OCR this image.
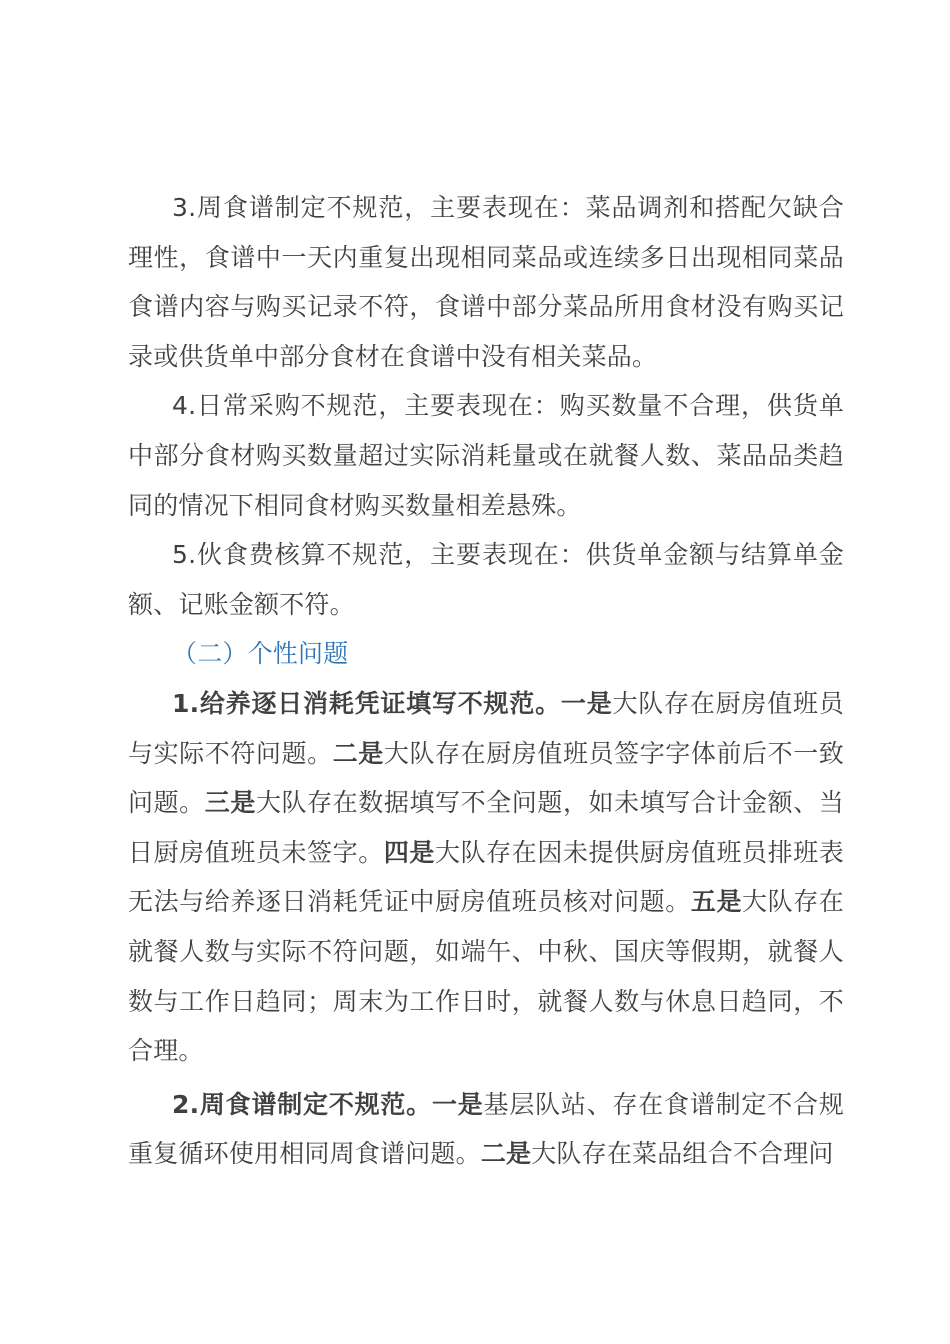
3.周食谱制定不规范，主要表现在：菜品调剂和搭配欠缺合理性，食谱中一天内重复出现相同菜品或连续多日出现相同菜品食谱内容与购买记录不符，食谱中部分菜品所用食材没有购买记录或供货单中部分食材在食谱中没有相关菜品。

4.日常采购不规范，主要表现在：购买数量不合理，供货单中部分食材购买数量超过实际消耗量或在就餐人数、菜品品类趋同的情况下相同食材购买数量相差悬殊。

5.伙食费核算不规范，主要表现在：供货单金额与结算单金额、记账金额不符。

（二）个性问题

1.给养逐日消耗凭证填写不规范。一是大队存在厨房值班员与实际不符问题。二是大队存在厨房值班员签字字体前后不一致问题。三是大队存在数据填写不全问题，如未填写合计金额、当日厨房值班员未签字。四是大队存在因未提供厨房值班员排班表无法与给养逐日消耗凭证中厨房值班员核对问题。五是大队存在就餐人数与实际不符问题，如端午、中秋、国庆等假期，就餐人数与工作日趋同；周末为工作日时，就餐人数与休息日趋同，不合理。

2.周食谱制定不规范。一是基层队站、存在食谱制定不合规重复循环使用相同周食谱问题。二是大队存在菜品组合不合理问
